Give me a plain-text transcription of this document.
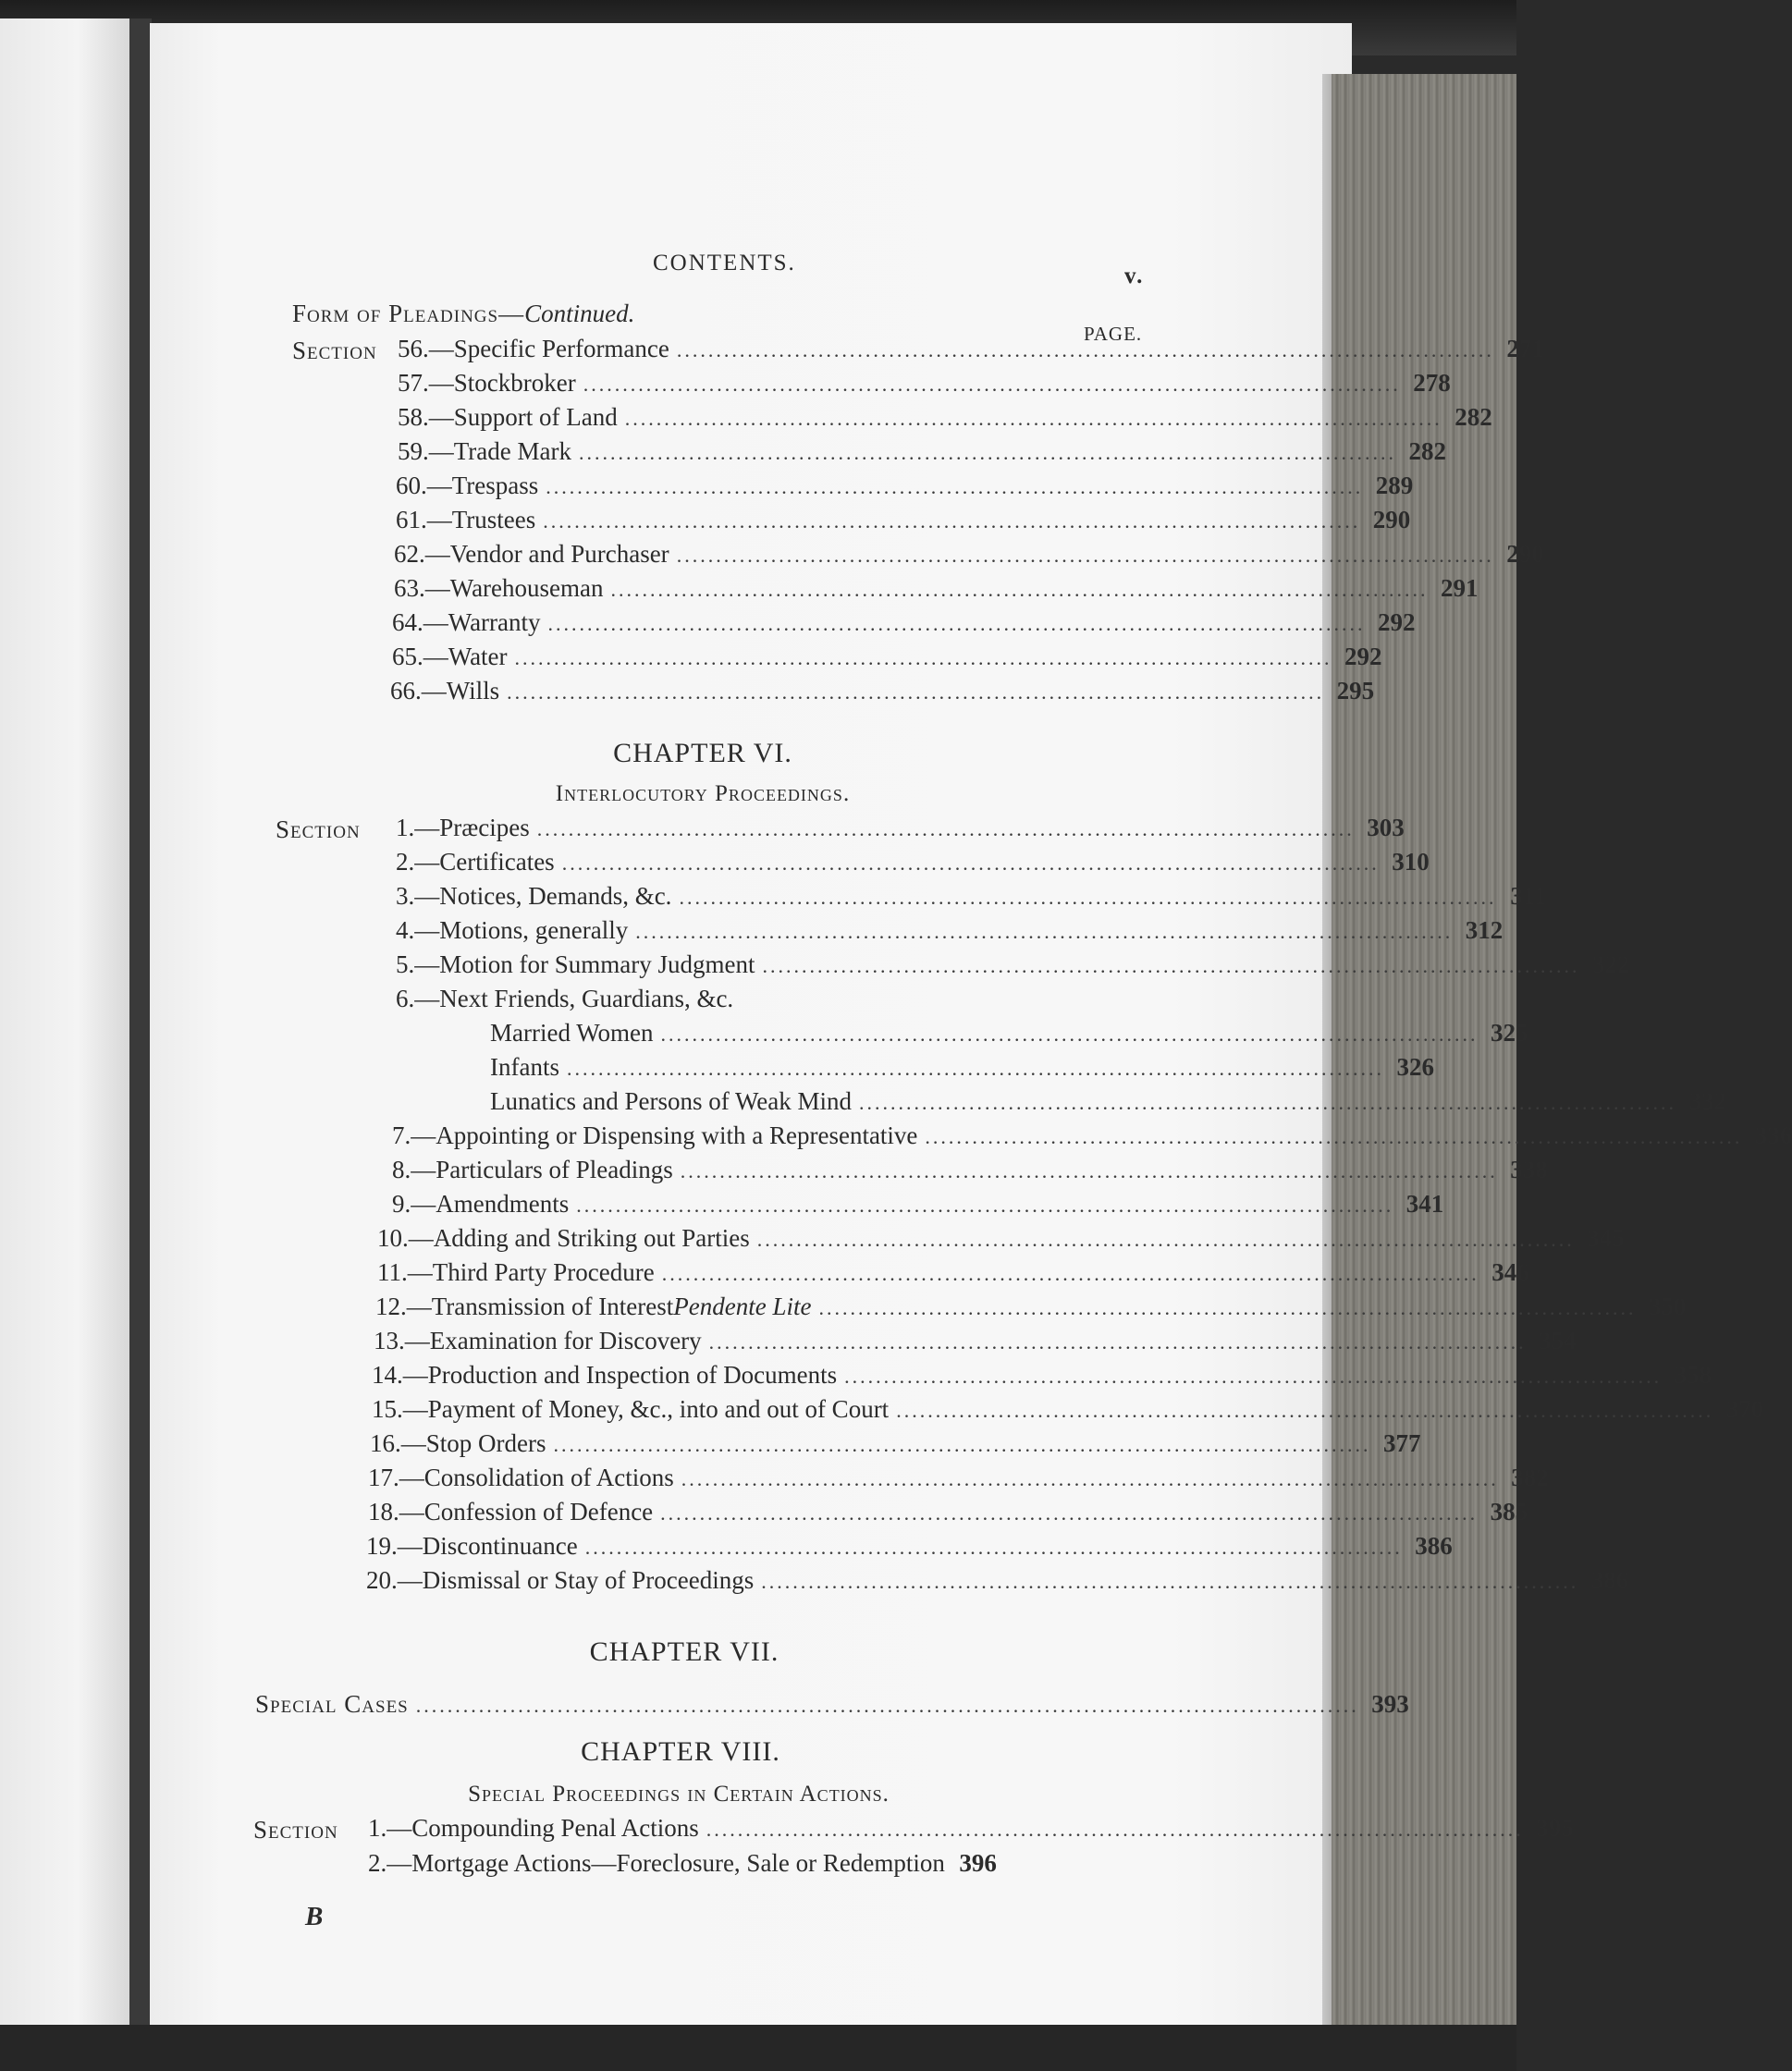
CONTENTS.
v.
Form of Pleadings—Continued.
PAGE.
Section 56. —Specific Performance ........................................................................................................ 271
57. —Stockbroker ........................................................................................................ 278
58. —Support of Land ........................................................................................................ 282
59. —Trade Mark ........................................................................................................ 282
60. —Trespass ........................................................................................................ 289
61. —Trustees ........................................................................................................ 290
62. —Vendor and Purchaser ........................................................................................................ 290
63. —Warehouseman ........................................................................................................ 291
64. —Warranty ........................................................................................................ 292
65. —Water ........................................................................................................ 292
66. —Wills ........................................................................................................ 295
CHAPTER VI.
Interlocutory Proceedings.
Section 1. —Præcipes ........................................................................................................ 303
2. —Certificates ........................................................................................................ 310
3. —Notices, Demands, &c. ........................................................................................................ 311
4. —Motions, generally ........................................................................................................ 312
5. —Motion for Summary Judgment ........................................................................................................ 322
6. —Next Friends, Guardians, &c.
Married Women ........................................................................................................ 325
Infants ........................................................................................................ 326
Lunatics and Persons of Weak Mind ........................................................................................................ 332
7. —Appointing or Dispensing with a Representative ........................................................................................................ 336
8. —Particulars of Pleadings ........................................................................................................ 338
9. —Amendments ........................................................................................................ 341
10. —Adding and Striking out Parties ........................................................................................................ 345
11. —Third Party Procedure ........................................................................................................ 346
12. —Transmission of Interest Pendente Lite ........................................................................................................ 350
13. —Examination for Discovery ........................................................................................................ 354
14. —Production and Inspection of Documents ........................................................................................................ 358
15. —Payment of Money, &c., into and out of Court ........................................................................................................ 370
16. —Stop Orders ........................................................................................................ 377
17. —Consolidation of Actions ........................................................................................................ 382
18. —Confession of Defence ........................................................................................................ 385
19. —Discontinuance ........................................................................................................ 386
20. —Dismissal or Stay of Proceedings ........................................................................................................ 386
CHAPTER VII.
Special Cases ........................................................................................................................ 393
CHAPTER VIII.
Special Proceedings in Certain Actions.
Section 1. —Compounding Penal Actions ........................................................................................................ 395
2. —Mortgage Actions—Foreclosure, Sale or Redemption 396
B
